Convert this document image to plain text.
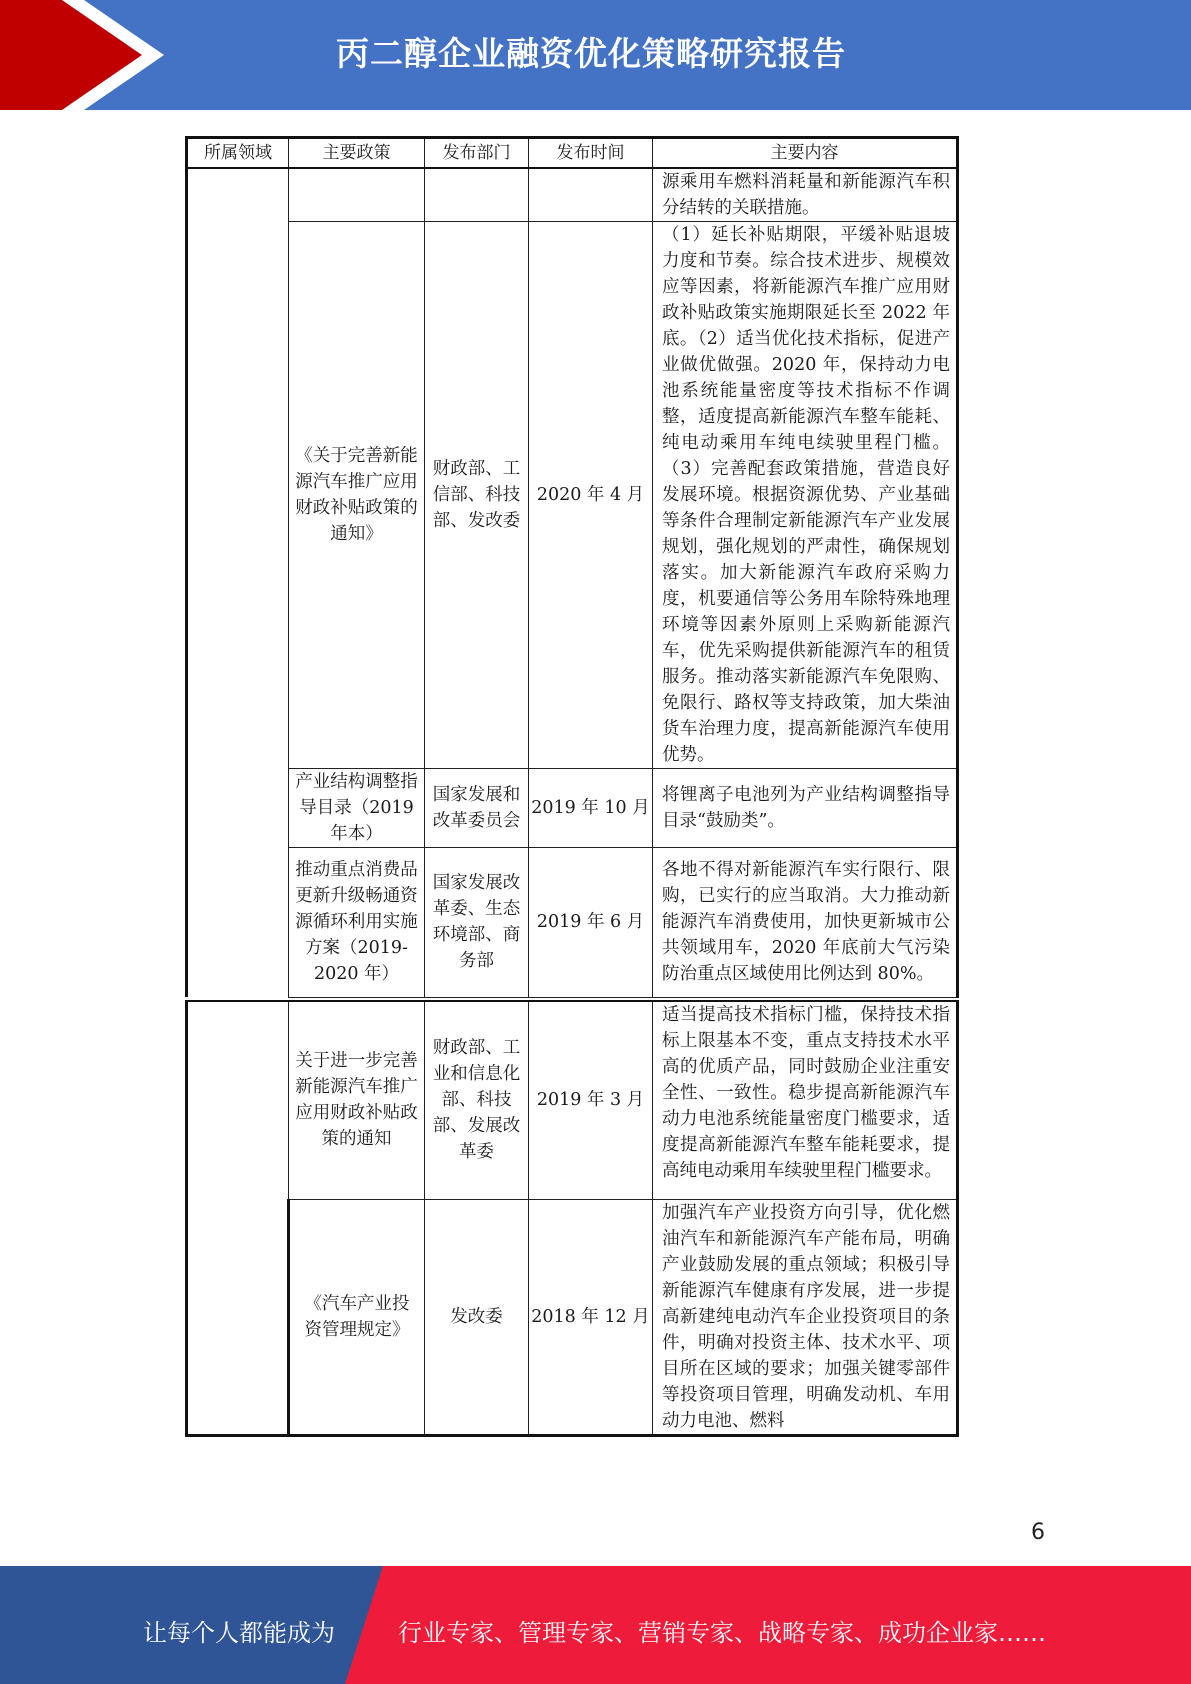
丙二醇企业融资优化策略研究报告
所属领域	主要政策	发布部门	发布时间	主要内容
				源乘用车燃料消耗量和新能源汽车积分结转的关联措施。
	《关于完善新能源汽车推广应用财政补贴政策的通知》	财政部、工信部、科技部、发改委	2020 年 4 月	（1）延长补贴期限，平缓补贴退坡力度和节奏。综合技术进步、规模效应等因素，将新能源汽车推广应用财政补贴政策实施期限延长至 2022 年底。（2）适当优化技术指标，促进产业做优做强。2020 年，保持动力电池系统能量密度等技术指标不作调整，适度提高新能源汽车整车能耗、纯电动乘用车纯电续驶里程门槛。（3）完善配套政策措施，营造良好发展环境。根据资源优势、产业基础等条件合理制定新能源汽车产业发展规划，强化规划的严肃性，确保规划落实。加大新能源汽车政府采购力度，机要通信等公务用车除特殊地理环境等因素外原则上采购新能源汽车，优先采购提供新能源汽车的租赁服务。推动落实新能源汽车免限购、免限行、路权等支持政策，加大柴油货车治理力度，提高新能源汽车使用优势。
	产业结构调整指导目录（2019 年本）	国家发展和改革委员会	2019 年 10 月	将锂离子电池列为产业结构调整指导目录“鼓励类”。
	推动重点消费品更新升级畅通资源循环利用实施方案（2019-2020 年）	国家发展改革委、生态环境部、商务部	2019 年 6 月	各地不得对新能源汽车实行限行、限购，已实行的应当取消。大力推动新能源汽车消费使用，加快更新城市公共领域用车，2020 年底前大气污染防治重点区域使用比例达到 80%。
	关于进一步完善新能源汽车推广应用财政补贴政策的通知	财政部、工业和信息化部、科技部、发展改革委	2019 年 3 月	适当提高技术指标门槛，保持技术指标上限基本不变，重点支持技术水平高的优质产品，同时鼓励企业注重安全性、一致性。稳步提高新能源汽车动力电池系统能量密度门槛要求，适度提高新能源汽车整车能耗要求，提高纯电动乘用车续驶里程门槛要求。
	《汽车产业投资管理规定》	发改委	2018 年 12 月	加强汽车产业投资方向引导，优化燃油汽车和新能源汽车产能布局，明确产业鼓励发展的重点领域；积极引导新能源汽车健康有序发展，进一步提高新建纯电动汽车企业投资项目的条件，明确对投资主体、技术水平、项目所在区域的要求；加强关键零部件等投资项目管理，明确发动机、车用动力电池、燃料
6
让每个人都能成为	行业专家、管理专家、营销专家、战略专家、成功企业家……
